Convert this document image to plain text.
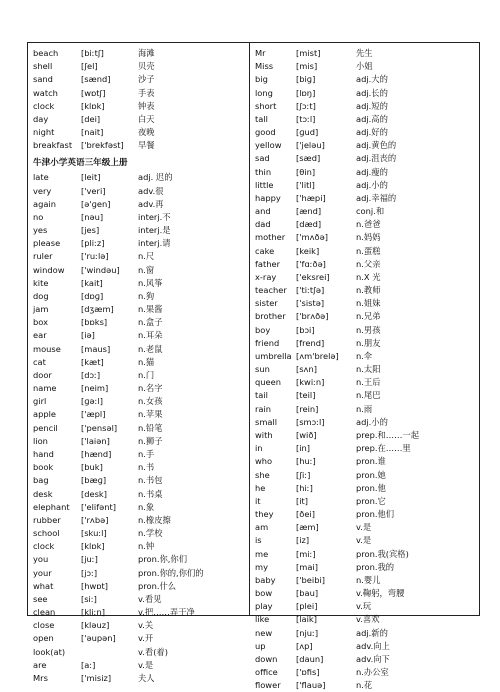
beach	[biːtʃ]	海滩
shell	[ʃel]	贝壳
sand	[sænd]	沙子
watch	[wɒtʃ]	手表
clock	[klɒk]	钟表
day	[dei]	白天
night	[nait]	夜晚
breakfast ['brekfəst] 早餐
牛津小学英语三年级上册
late	[leit]	adj. 迟的
very	['veri]	adv.很
again	[ə'ɡen]	adv.再
no	[nəu]	interj.不
yes	[jes]	interj.是
please	[pliːz]	interj.请
ruler	['ruːlə]	n.尺
window ['windəu] n.窗
kite	[kait]	n.风筝
dog	[dɒɡ]	n.狗
jam	[dʒæm]	n.果酱
box	[bɒks]	n.盒子
ear	[iə]	n.耳朵
mouse [maus]	n.老鼠
cat	[kæt]	n.猫
door	[dɔː]	n.门
name	[neim]	n.名字
girl	[ɡəːl]	n.女孩
apple	['æpl]	n.苹果
pencil	['pensəl]	n.铅笔
lion	['laiən]	n.狮子
hand	[hænd]	n.手
book	[buk]	n.书
bag	[bæɡ]	n.书包
desk	[desk]	n.书桌
elephant ['elifənt]	n.象
rubber ['rʌbə]	n.橡皮擦
school	[skuːl]	n.学校
clock	[klɒk]	n.钟
you	[juː]	pron.你,你们
your	[jɔː]	pron.你的,你们的
what	[hwɒt]	pron.什么
see	[siː]	v.看见
clean	[kliːn]	v.把……弄干净
close	[kləuz]	v.关
open	['əupən]	v.开
look(at)	v.看(着)
are	[aː]	v.是
Mrs	['misiz]	夫人
Mr	[mist]	先生
Miss	[mis]	小姐
big	[biɡ]	adj.大的
long	[lɒŋ]	adj.长的
short [ʃɔːt]	adj.短的
tall	[tɔːl]	adj.高的
good [ɡud]	adj.好的
yellow ['jeləu]	adj.黄色的
sad	[sæd]	adj.沮丧的
thin	[θin]	adj.瘦的
little	['litl]	adj.小的
happy ['hæpi]	adj.幸福的
and	[ænd]	conj.和
dad	[dæd]	n.爸爸
mother ['mʌðə]	n.妈妈
cake	[keik]	n.蛋糕
father ['fɑːðə]	n.父亲
x-ray ['eksrei]	n.X 光
teacher ['tiːtʃə]	n.教师
sister ['sistə]	n.姐妹
brother ['brʌðə]	n.兄弟
boy	[bɔi]	n.男孩
friend [frend]	n.朋友
umbrella [ʌm'brelə] n.伞
sun	[sʌn]	n.太阳
queen [kwiːn]	n.王后
tail	[teil]	n.尾巴
rain	[rein]	n.雨
small [smɔːl]	adj.小的
with	[wið]	prep.和……一起
in	[in]	prep.在……里
who	[huː]	pron.谁
she	[ʃiː]	pron.她
he	[hiː]	pron.他
it	[it]	pron.它
they	[ðei]	pron.他们
am	[æm]	v.是
is	[iz]	v.是
me	[miː]	pron.我(宾格)
my	[mai]	pron.我的
baby ['beibi]	n.婴儿
bow	[bau]	v.鞠躬，弯腰
play	[plei]	v.玩
like	[laik]	v.喜欢
new	[njuː]	adj.新的
up	[ʌp]	adv.向上
down [daun]	adv.向下
office ['ɒfis]	n.办公室
flower ['flauə]	n.花
